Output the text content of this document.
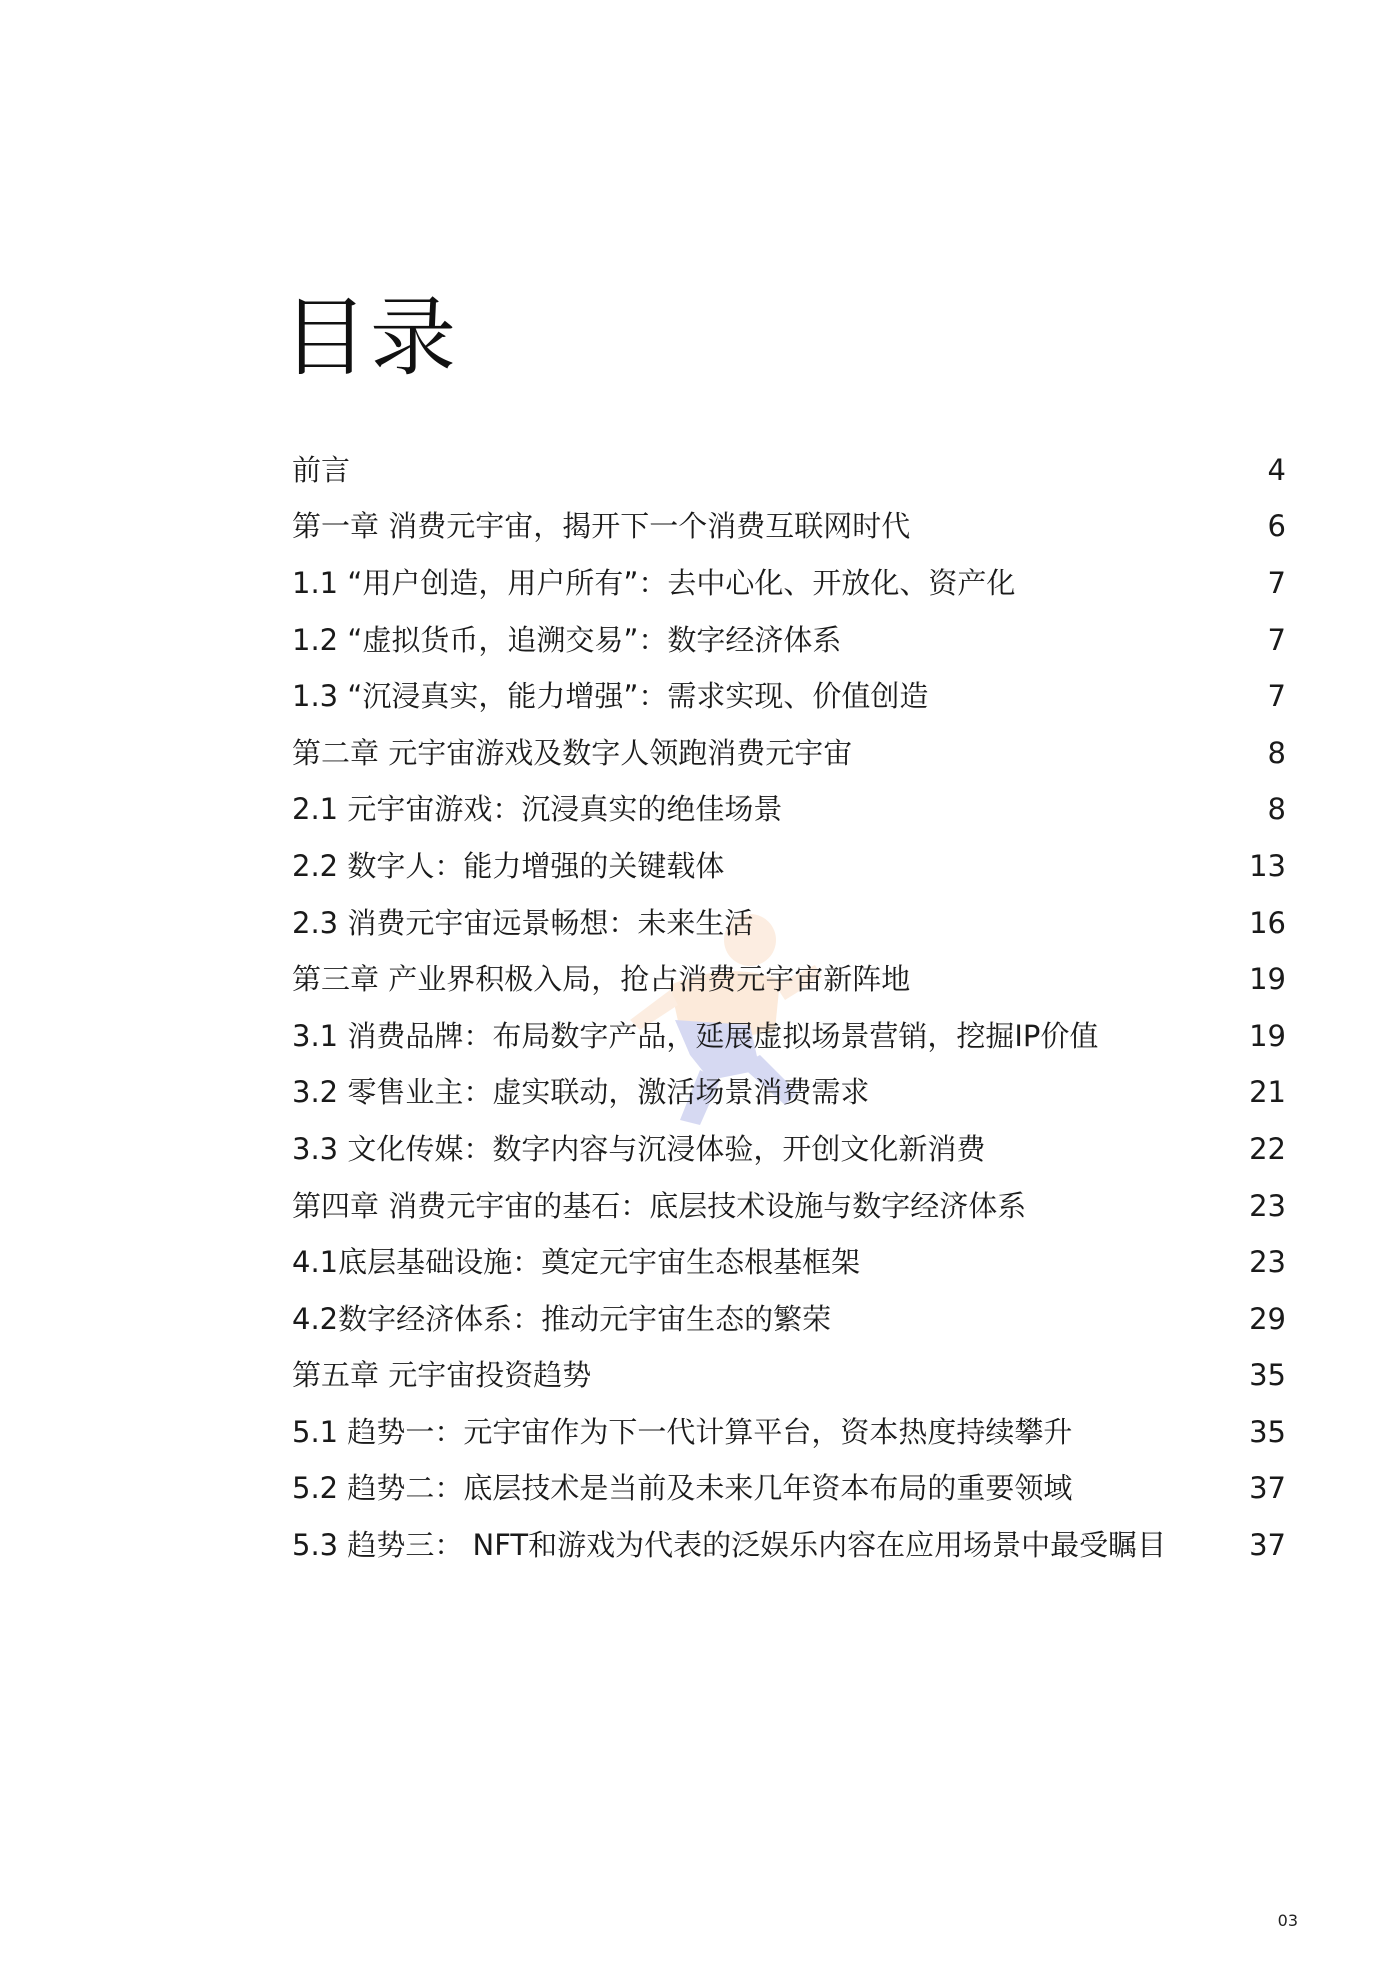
目录
前言	4
第一章 消费元宇宙，揭开下一个消费互联网时代	6
1.1 “用户创造，用户所有”：去中心化、开放化、资产化	7
1.2 “虚拟货币，追溯交易”：数字经济体系	7
1.3 “沉浸真实，能力增强”：需求实现、价值创造	7
第二章 元宇宙游戏及数字人领跑消费元宇宙	8
2.1 元宇宙游戏：沉浸真实的绝佳场景	8
2.2 数字人：能力增强的关键载体	13
2.3 消费元宇宙远景畅想：未来生活	16
第三章 产业界积极入局，抢占消费元宇宙新阵地	19
3.1 消费品牌：布局数字产品，延展虚拟场景营销，挖掘IP价值	19
3.2 零售业主：虚实联动，激活场景消费需求	21
3.3 文化传媒：数字内容与沉浸体验，开创文化新消费	22
第四章 消费元宇宙的基石：底层技术设施与数字经济体系	23
4.1底层基础设施：奠定元宇宙生态根基框架	23
4.2数字经济体系：推动元宇宙生态的繁荣	29
第五章 元宇宙投资趋势	35
5.1 趋势一：元宇宙作为下一代计算平台，资本热度持续攀升	35
5.2 趋势二：底层技术是当前及未来几年资本布局的重要领域	37
5.3 趋势三： NFT和游戏为代表的泛娱乐内容在应用场景中最受瞩目	37
03
